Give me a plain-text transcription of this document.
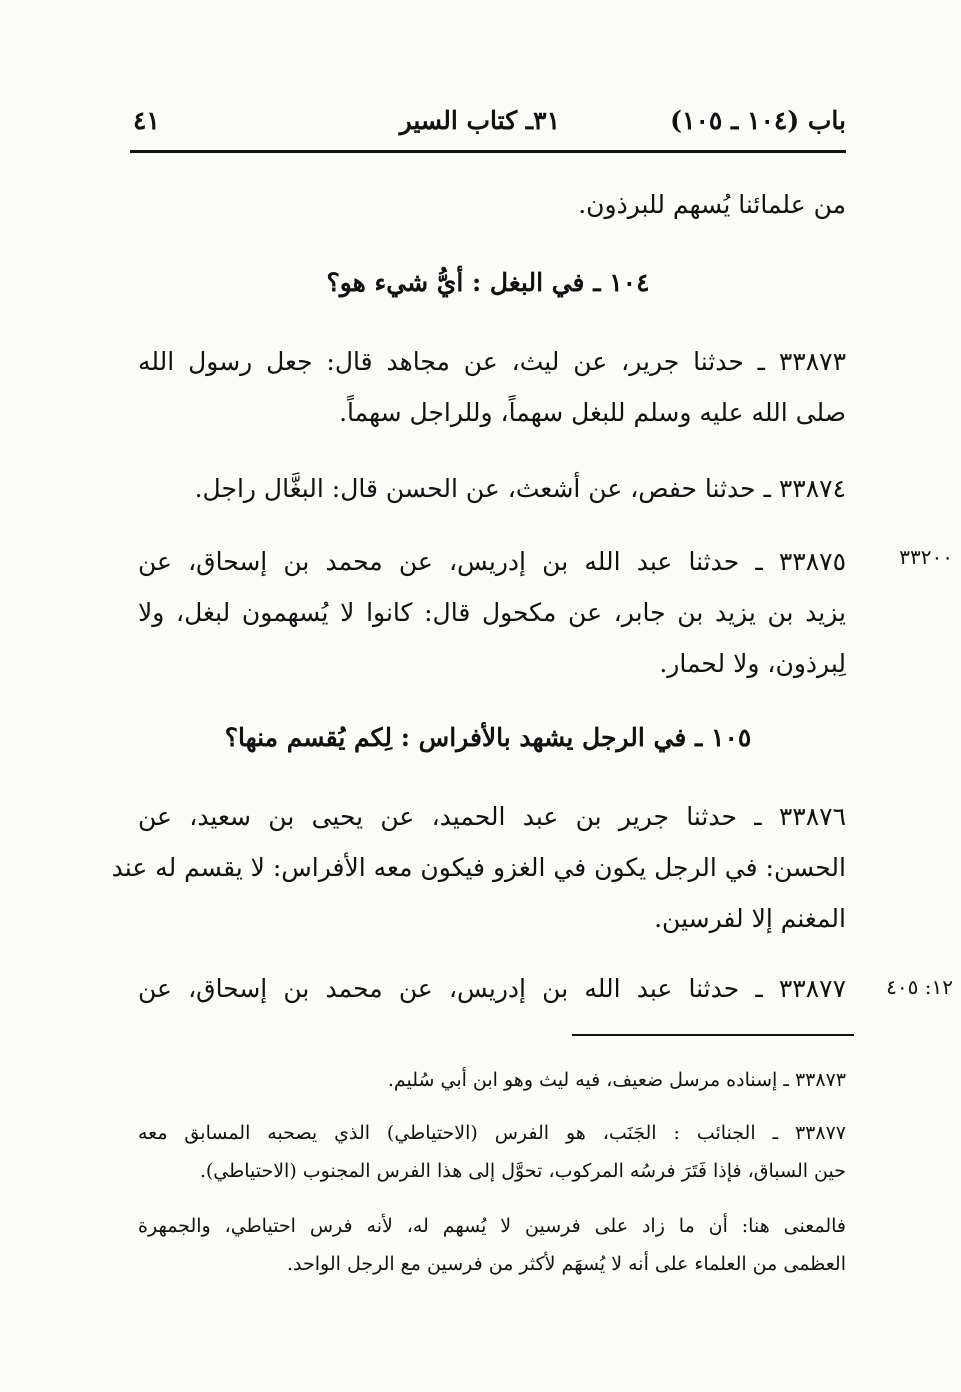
باب (١٠٤ ـ ١٠٥)
٣١ـ كتاب السير
٤١
من علمائنا يُسهم للبرذون.
١٠٤ ـ في البغل : أيُّ شيء هو؟
٣٣٨٧٣ ـ حدثنا جرير، عن ليث، عن مجاهد قال: جعل رسول الله
صلى الله عليه وسلم للبغل سهماً، وللراجل سهماً.
٣٣٨٧٤ ـ حدثنا حفص، عن أشعث، عن الحسن قال: البغَّال راجل.
٣٣٢٠٠
٣٣٨٧٥ ـ حدثنا عبد الله بن إدريس، عن محمد بن إسحاق، عن
يزيد بن يزيد بن جابر، عن مكحول قال: كانوا لا يُسهمون لبغل، ولا
لِبرذون، ولا لحمار.
١٠٥ ـ في الرجل يشهد بالأفراس : لِكم يُقسم منها؟
٣٣٨٧٦ ـ حدثنا جرير بن عبد الحميد، عن يحيى بن سعيد، عن
الحسن: في الرجل يكون في الغزو فيكون معه الأفراس: لا يقسم له عند
المغنم إلا لفرسين.
١٢: ٤٠٥
٣٣٨٧٧ ـ حدثنا عبد الله بن إدريس، عن محمد بن إسحاق، عن
٣٣٨٧٣ ـ إسناده مرسل ضعيف، فيه ليث وهو ابن أبي سُليم.
٣٣٨٧٧ ـ الجنائب : الجَنَب، هو الفرس (الاحتياطي) الذي يصحبه المسابق معه
حين السباق، فإذا فَتَرَ فرسُه المركوب، تحوَّل إلى هذا الفرس المجنوب (الاحتياطي).
فالمعنى هنا: أن ما زاد على فرسين لا يُسهم له، لأنه فرس احتياطي، والجمهرة
العظمى من العلماء على أنه لا يُسهَم لأكثر من فرسين مع الرجل الواحد.
